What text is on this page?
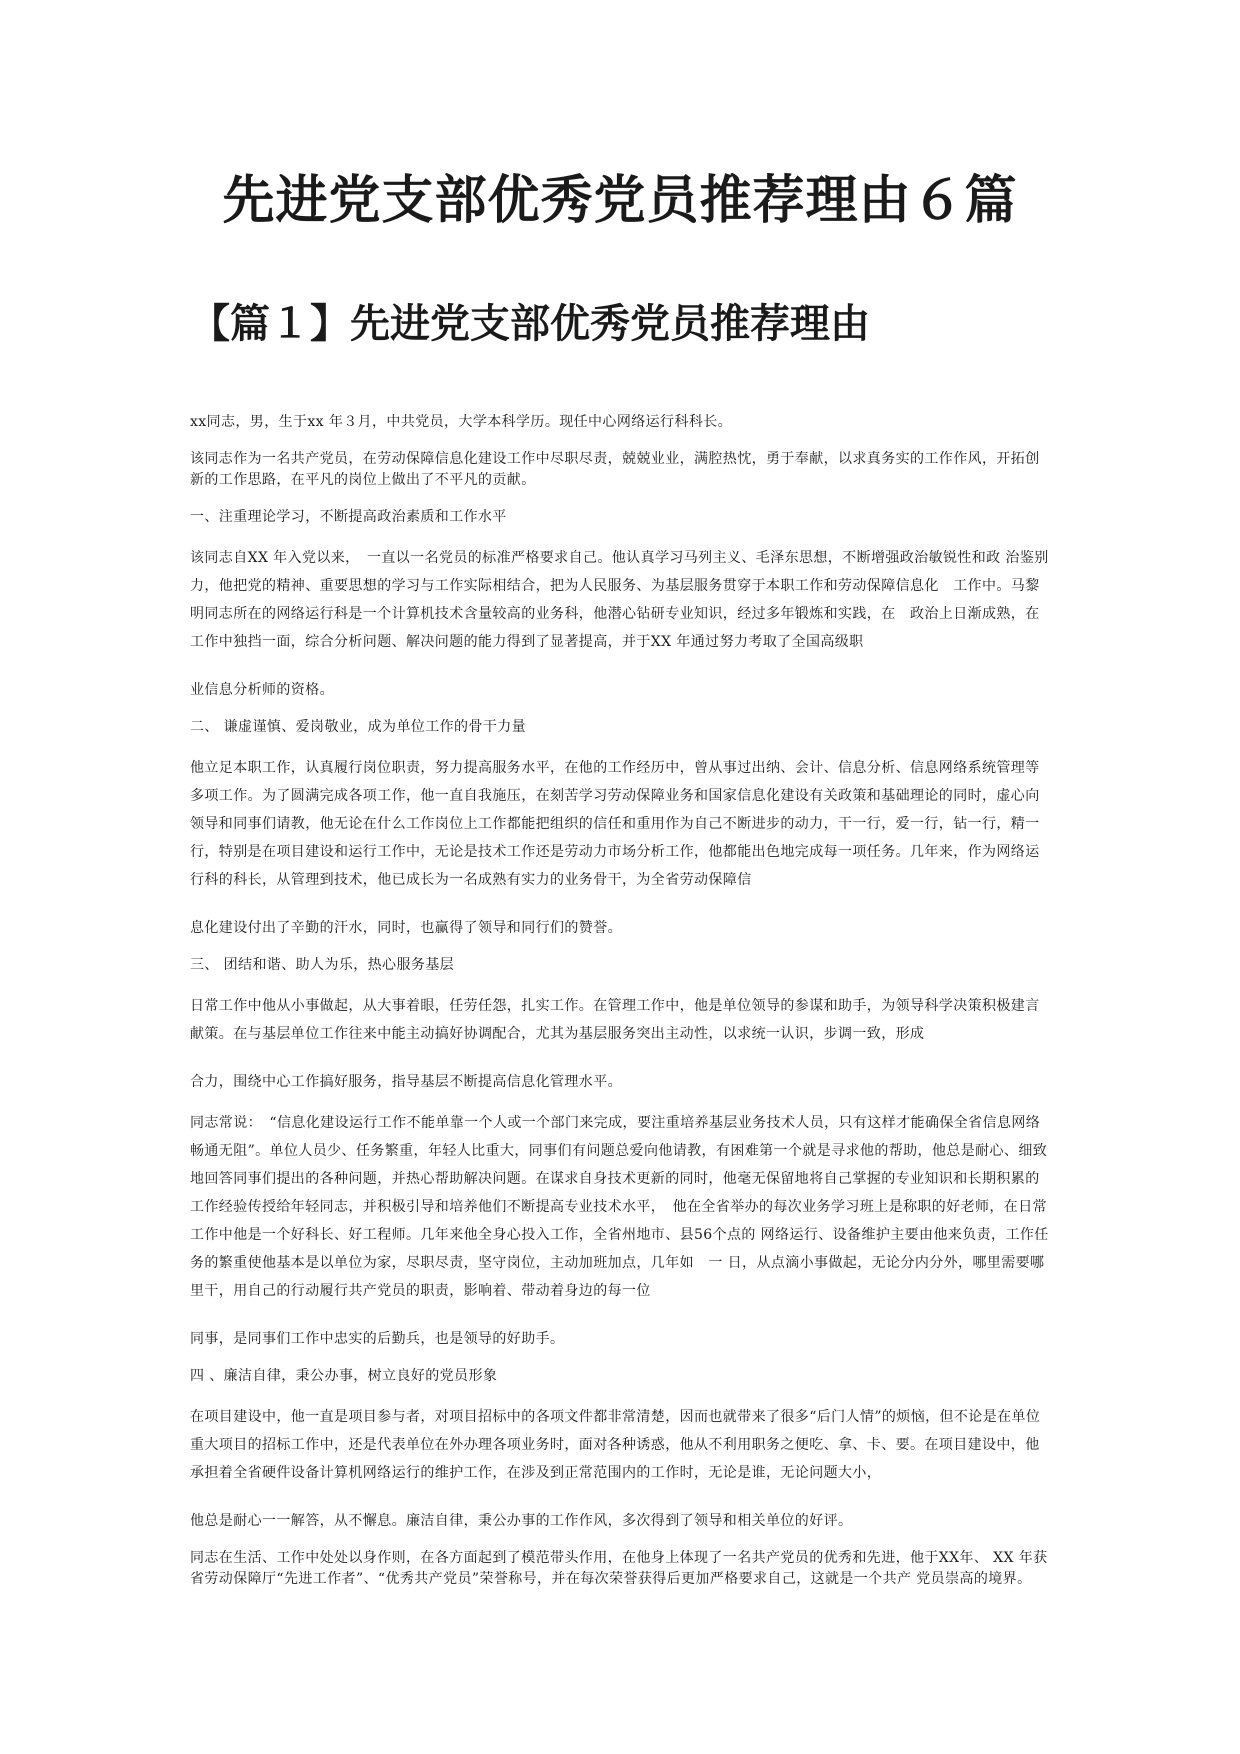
先进党支部优秀党员推荐理由６篇
【篇１】先进党支部优秀党员推荐理由

xx同志，男，生于xx 年３月，中共党员，大学本科学历。现任中心网络运行科科长。

该同志作为一名共产党员，在劳动保障信息化建设工作中尽职尽责，兢兢业业，满腔热忱，勇于奉献，以求真务实的工作作风，开拓创新的工作思路，在平凡的岗位上做出了不平凡的贡献。

一、注重理论学习，不断提高政治素质和工作水平

该同志自XX 年入党以来，　一直以一名党员的标准严格要求自己。他认真学习马列主义、毛泽东思想，不断增强政治敏锐性和政 治鉴别力，他把党的精神、重要思想的学习与工作实际相结合，把为人民服务、为基层服务贯穿于本职工作和劳动保障信息化　工作中。马黎明同志所在的网络运行科是一个计算机技术含量较高的业务科，他潜心钻研专业知识，经过多年锻炼和实践，在　政治上日渐成熟，在工作中独挡一面，综合分析问题、解决问题的能力得到了显著提高，并于XX 年通过努力考取了全国高级职

业信息分析师的资格。

二、 谦虚谨慎、爱岗敬业，成为单位工作的骨干力量

他立足本职工作，认真履行岗位职责，努力提高服务水平，在他的工作经历中，曾从事过出纳、会计、信息分析、信息网络系统管理等多项工作。为了圆满完成各项工作，他一直自我施压，在刻苦学习劳动保障业务和国家信息化建设有关政策和基础理论的同时，虚心向领导和同事们请教，他无论在什么工作岗位上工作都能把组织的信任和重用作为自己不断进步的动力，干一行，爱一行，钻一行，精一行，特别是在项目建设和运行工作中，无论是技术工作还是劳动力市场分析工作，他都能出色地完成每一项任务。几年来，作为网络运行科的科长，从管理到技术，他已成长为一名成熟有实力的业务骨干，为全省劳动保障信

息化建设付出了辛勤的汗水，同时，也赢得了领导和同行们的赞誉。

三、 团结和谐、助人为乐，热心服务基层

日常工作中他从小事做起，从大事着眼，任劳任怨，扎实工作。在管理工作中，他是单位领导的参谋和助手，为领导科学决策积极建言献策。在与基层单位工作往来中能主动搞好协调配合，尤其为基层服务突出主动性，以求统一认识，步调一致，形成

合力，围绕中心工作搞好服务，指导基层不断提高信息化管理水平。

同志常说：　“信息化建设运行工作不能单靠一个人或一个部门来完成，要注重培养基层业务技术人员，只有这样才能确保全省信息网络畅通无阻”。单位人员少、任务繁重，年轻人比重大，同事们有问题总爱向他请教，有困难第一个就是寻求他的帮助，他总是耐心、细致地回答同事们提出的各种问题，并热心帮助解决问题。在谋求自身技术更新的同时，他毫无保留地将自己掌握的专业知识和长期积累的工作经验传授给年轻同志，并积极引导和培养他们不断提高专业技术水平，　他在全省举办的每次业务学习班上是称职的好老师，在日常工作中他是一个好科长、好工程师。几年来他全身心投入工作，全省州地市、县56个点的 网络运行、设备维护主要由他来负责，工作任务的繁重使他基本是以单位为家，尽职尽责，坚守岗位，主动加班加点，几年如　一 日，从点滴小事做起，无论分内分外，哪里需要哪里干，用自己的行动履行共产党员的职责，影响着、带动着身边的每一位

同事，是同事们工作中忠实的后勤兵，也是领导的好助手。

四 、廉洁自律，秉公办事，树立良好的党员形象

在项目建设中，他一直是项目参与者，对项目招标中的各项文件都非常清楚，因而也就带来了很多“后门人情”的烦恼，但不论是在单位重大项目的招标工作中，还是代表单位在外办理各项业务时，面对各种诱惑，他从不利用职务之便吃、拿、卡、要。在项目建设中，他承担着全省硬件设备计算机网络运行的维护工作，在涉及到正常范围内的工作时，无论是谁，无论问题大小，

他总是耐心一一解答，从不懈息。廉洁自律，秉公办事的工作作风，多次得到了领导和相关单位的好评。

同志在生活、工作中处处以身作则，在各方面起到了模范带头作用，在他身上体现了一名共产党员的优秀和先进，他于XX年、 XX 年获省劳动保障厅“先进工作者”、“优秀共产党员”荣誉称号，并在每次荣誉获得后更加严格要求自己，这就是一个共产 党员崇高的境界。
